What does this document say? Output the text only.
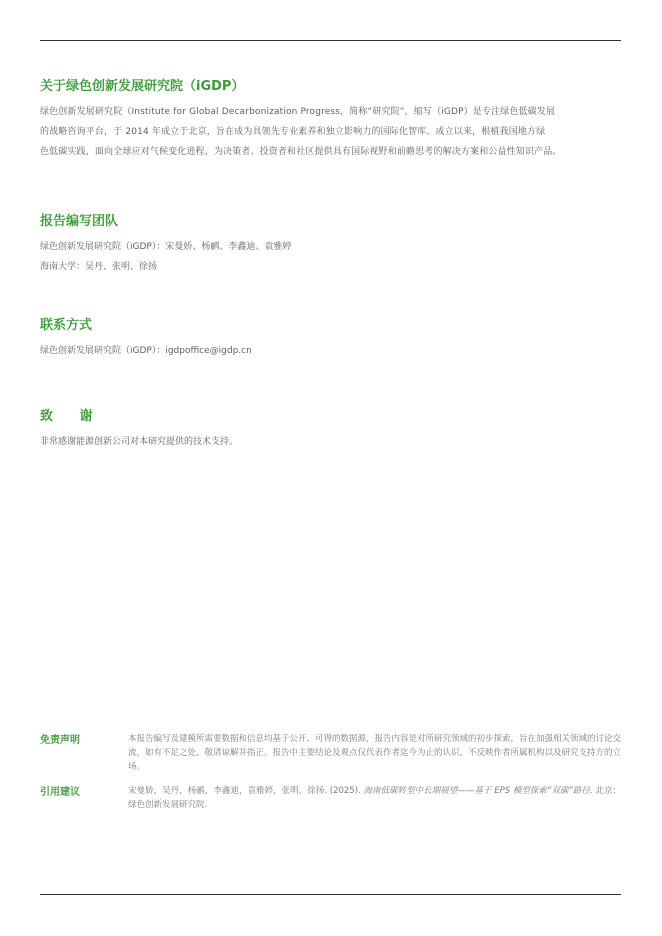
关于绿色创新发展研究院（iGDP）

绿色创新发展研究院（Institute for Global Decarbonization Progress，简称“研究院”，缩写（iGDP）是专注绿色低碳发展
的战略咨询平台，于 2014 年成立于北京，旨在成为具领先专业素养和独立影响力的国际化智库。成立以来，根植我国地方绿
色低碳实践，面向全球应对气候变化进程，为决策者、投资者和社区提供具有国际视野和前瞻思考的解决方案和公益性知识产品。

报告编写团队

绿色创新发展研究院（iGDP）：宋曼娇、杨鹂、李鑫迪、袁雅婷
海南大学：吴丹、张明、徐扬

联系方式

绿色创新发展研究院（iGDP）：igdpoffice@igdp.cn

致 谢

非常感谢能源创新公司对本研究提供的技术支持。

免责声明	本报告编写及建模所需要数据和信息均基于公开、可得的数据源，报告内容是对所研究领域的初步探索，旨在加强相关领域的讨论交流，如有不足之处，敬请谅解并指正。报告中主要结论及观点仅代表作者迄今为止的认识，不反映作者所属机构以及研究支持方的立场。
引用建议	宋曼娇，吴丹，杨鹂，李鑫迪，袁雅婷，张明，徐扬. (2025). 海南低碳转型中长期展望——基于 EPS 模型探索“双碳”路径. 北京：绿色创新发展研究院.
